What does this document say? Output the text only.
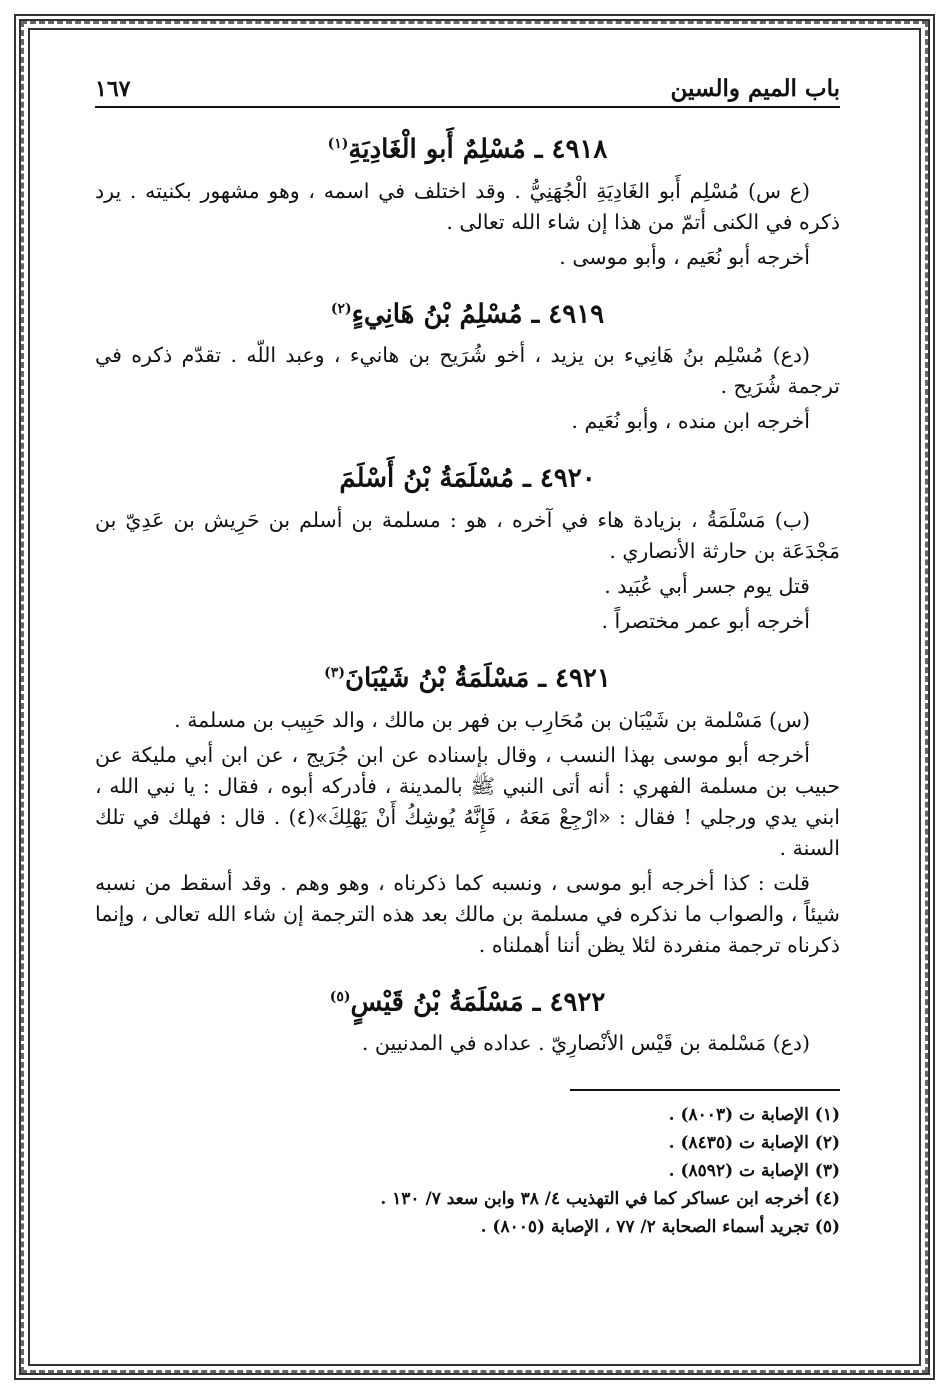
باب الميم والسين
١٦٧
٤٩١٨ ـ مُسْلِمٌ أَبو الْغَادِيَةِ$^{(١)}$

(ع س) مُسْلِم أَبو الغَادِيَةِ الْجُهَنِيُّ . وقد اختلف في اسمه ، وهو مشهور بكنيته . يرد ذكره في الكنى أتمّ من هذا إن شاء الله تعالى .

أخرجه أبو نُعَيم ، وأبو موسى .

٤٩١٩ ـ مُسْلِمُ بْنُ هَانِيءٍ$^{(٢)}$

(دع) مُسْلِم بنُ هَانِيء بن يزيد ، أخو شُرَيح بن هانيء ، وعبد اللّه . تقدّم ذكره في ترجمة شُرَيح .

أخرجه ابن منده ، وأبو نُعَيم .

٤٩٢٠ ـ مُسْلَمَةُ بْنُ أَسْلَمَ

(ب) مَسْلَمَةُ ، بزيادة هاء في آخره ، هو : مسلمة بن أسلم بن حَرِيش بن عَدِيّ بن مَجْدَعَة بن حارثة الأنصاري .

قتل يوم جسر أبي عُبَيد .

أخرجه أبو عمر مختصراً .

٤٩٢١ ـ مَسْلَمَةُ بْنُ شَيْبَانَ$^{(٣)}$

(س) مَسْلمة بن شَيْبَان بن مُحَارِب بن فهر بن مالك ، والد حَبِيب بن مسلمة .

أخرجه أبو موسى بهذا النسب ، وقال بإسناده عن ابن جُرَيج ، عن ابن أبي مليكة عن حبيب بن مسلمة الفهري : أنه أتى النبي ﷺ بالمدينة ، فأدركه أبوه ، فقال : يا نبي الله ، ابني يدي ورجلي ! فقال : «ارْجِعْ مَعَهُ ، فَإِنَّهُ يُوشِكُ أَنْ يَهْلِكَ»(٤) . قال : فهلك في تلك السنة .

قلت : كذا أخرجه أبو موسى ، ونسبه كما ذكرناه ، وهو وهم . وقد أسقط من نسبه شيئاً ، والصواب ما نذكره في مسلمة بن مالك بعد هذه الترجمة إن شاء الله تعالى ، وإنما ذكرناه ترجمة منفردة لئلا يظن أننا أهملناه .

٤٩٢٢ ـ مَسْلَمَةُ بْنُ قَيْسٍ$^{(٥)}$

(دع) مَسْلمة بن قَيْس الأنْصارِيّ . عداده في المدنيين .

(١) الإصابة ت (٨٠٠٣) .
(٢) الإصابة ت (٨٤٣٥) .
(٣) الإصابة ت (٨٥٩٢) .
(٤) أخرجه ابن عساكر كما في التهذيب ٤/ ٣٨ وابن سعد ٧/ ١٣٠ .
(٥) تجريد أسماء الصحابة ٢/ ٧٧ ، الإصابة (٨٠٠٥) .
